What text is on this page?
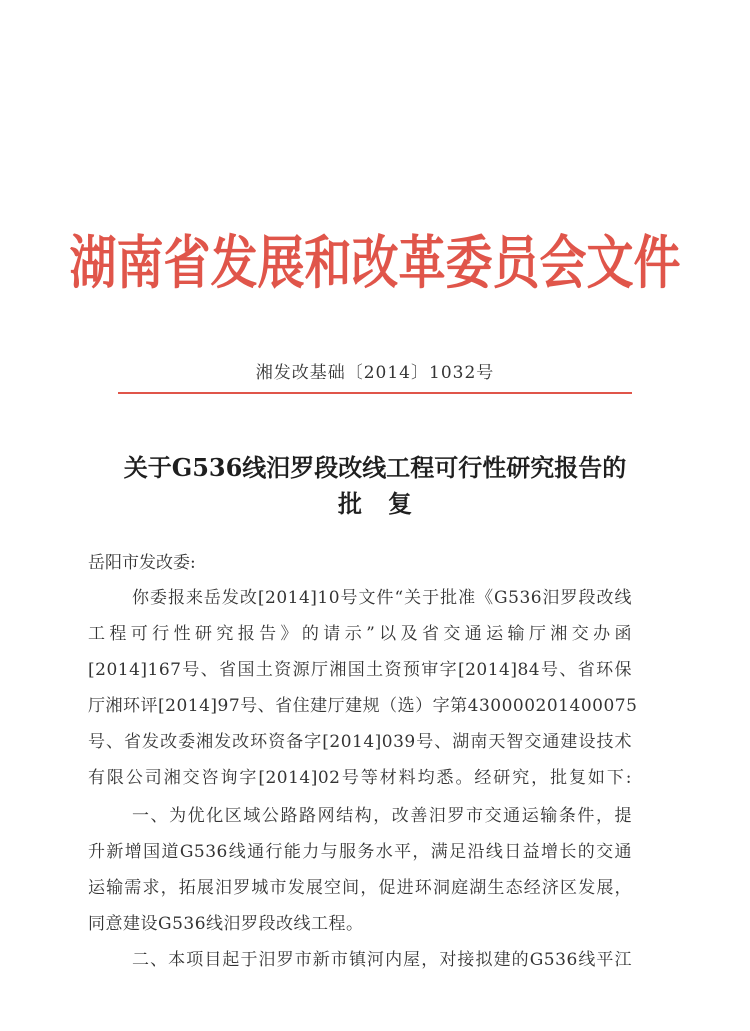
湖南省发展和改革委员会文件
湘发改基础〔2014〕1032号
关于G536线汨罗段改线工程可行性研究报告的
批 复
岳阳市发改委:
你委报来岳发改[2014]10号文件“关于批准《G536汨罗段改线
工程可行性研究报告》的请示”以及省交通运输厅湘交办函
[2014]167号、省国土资源厅湘国土资预审字[2014]84号、省环保
厅湘环评[2014]97号、省住建厅建规（选）字第430000201400075
号、省发改委湘发改环资备字[2014]039号、湖南天智交通建设技术
有限公司湘交咨询字[2014]02号等材料均悉。经研究，批复如下:
一、为优化区域公路路网结构，改善汨罗市交通运输条件，提
升新增国道G536线通行能力与服务水平，满足沿线日益增长的交通
运输需求，拓展汨罗城市发展空间，促进环洞庭湖生态经济区发展，
同意建设G536线汨罗段改线工程。
二、本项目起于汨罗市新市镇河内屋，对接拟建的G536线平江
